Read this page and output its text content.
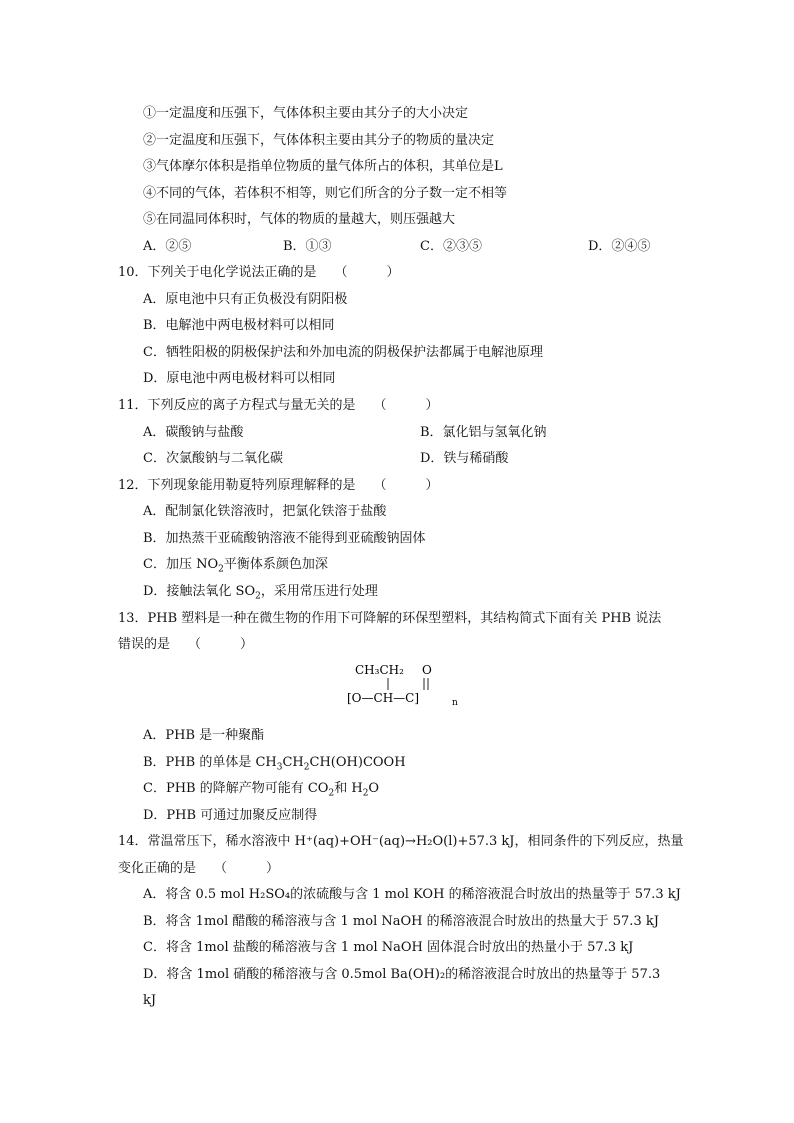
①一定温度和压强下，气体体积主要由其分子的大小决定
②一定温度和压强下，气体体积主要由其分子的物质的量决定
③气体摩尔体积是指单位物质的量气体所占的体积，其单位是L
④不同的气体，若体积不相等，则它们所含的分子数一定不相等
⑤在同温同体积时，气体的物质的量越大，则压强越大
A．②⑤	B．①③	C．②③⑤	D．②④⑤
10．下列关于电化学说法正确的是 （　　　）
A．原电池中只有正负极没有阴阳极
B．电解池中两电极材料可以相同
C．牺牲阳极的阴极保护法和外加电流的阴极保护法都属于电解池原理
D．原电池中两电极材料可以相同
11．下列反应的离子方程式与量无关的是 （　　　）
A．碳酸钠与盐酸	B．氯化铝与氢氧化钠
C．次氯酸钠与二氧化碳	D．铁与稀硝酸
12．下列现象能用勒夏特列原理解释的是 （　　　）
A．配制氯化铁溶液时，把氯化铁溶于盐酸
B．加热蒸干亚硫酸钠溶液不能得到亚硫酸钠固体
C．加压 $NO_2$平衡体系颜色加深
D．接触法氧化 $SO_2$，采用常压进行处理
13．PHB 塑料是一种在微生物的作用下可降解的环保型塑料，其结构简式下面有关 PHB 说法
错误的是 （　　　）
CH₃CH₂ O
[O—CH—C]	n
A．PHB 是一种聚酯
B．PHB 的单体是 $CH_3CH_2CH(OH)COOH$
C．PHB 的降解产物可能有 $CO_2$和 $H_2O$
D．PHB 可通过加聚反应制得
14．常温常压下，稀水溶液中 H⁺(aq)+OH⁻(aq)→H₂O(l)+57.3 kJ，相同条件的下列反应，热量
变化正确的是 （　　　）
A．将含 0.5 mol H₂SO₄的浓硫酸与含 1 mol KOH 的稀溶液混合时放出的热量等于 57.3 kJ
B．将含 1mol 醋酸的稀溶液与含 1 mol NaOH 的稀溶液混合时放出的热量大于 57.3 kJ
C．将含 1mol 盐酸的稀溶液与含 1 mol NaOH 固体混合时放出的热量小于 57.3 kJ
D．将含 1mol 硝酸的稀溶液与含 0.5mol Ba(OH)₂的稀溶液混合时放出的热量等于 57.3
kJ
